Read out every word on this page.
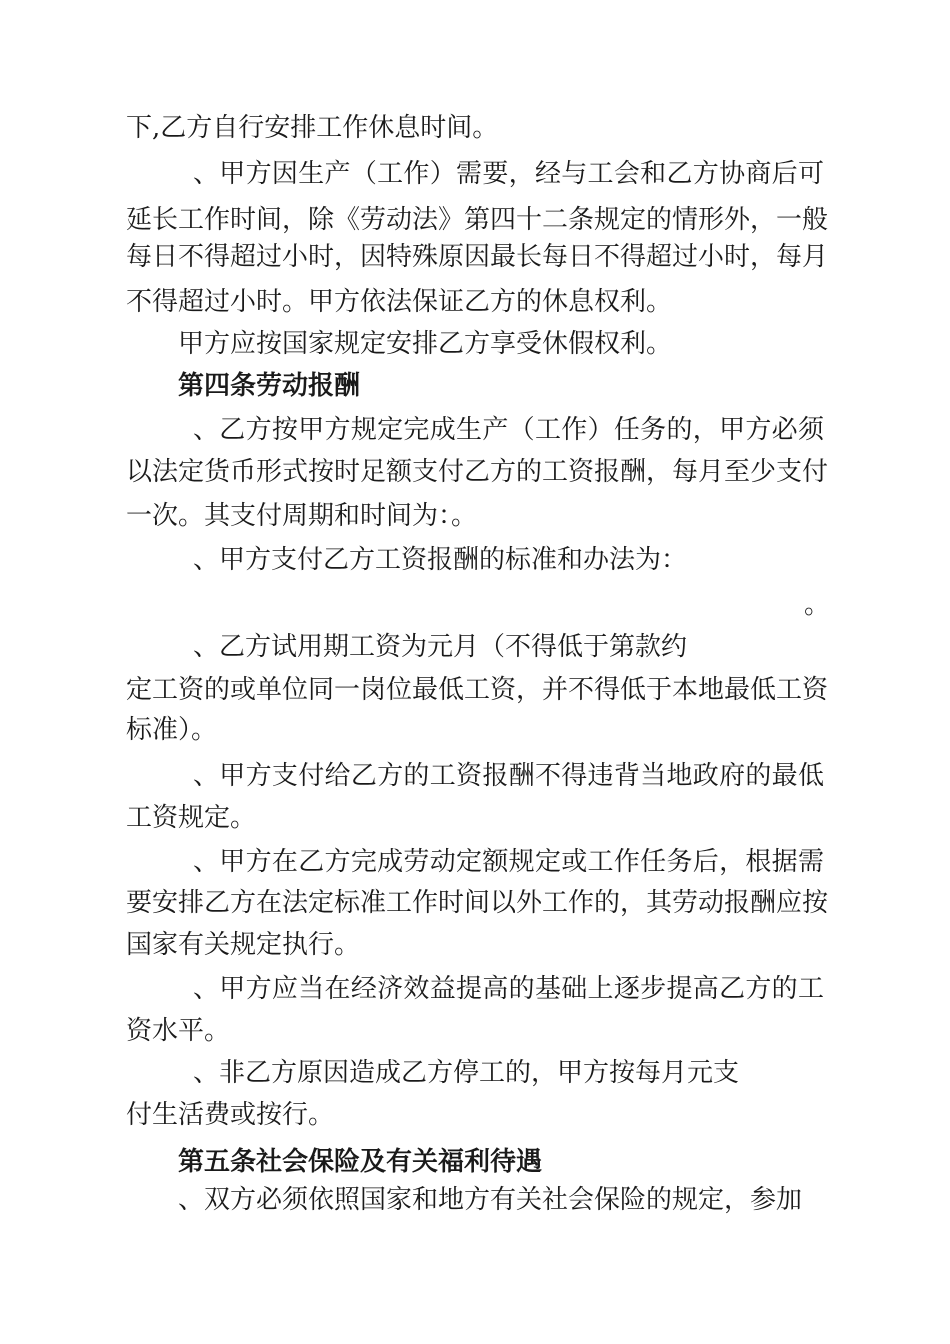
下,乙方自行安排工作休息时间。

、甲方因生产（工作）需要，经与工会和乙方协商后可

延长工作时间，除《劳动法》第四十二条规定的情形外，一般

每日不得超过小时，因特殊原因最长每日不得超过小时，每月

不得超过小时。甲方依法保证乙方的休息权利。

甲方应按国家规定安排乙方享受休假权利。

第四条劳动报酬

、乙方按甲方规定完成生产（工作）任务的，甲方必须

以法定货币形式按时足额支付乙方的工资报酬，每月至少支付

一次。其支付周期和时间为：。

、甲方支付乙方工资报酬的标准和办法为：

。

、乙方试用期工资为元月（不得低于第款约

定工资的或单位同一岗位最低工资，并不得低于本地最低工资

标准）。

、甲方支付给乙方的工资报酬不得违背当地政府的最低

工资规定。

、甲方在乙方完成劳动定额规定或工作任务后，根据需

要安排乙方在法定标准工作时间以外工作的，其劳动报酬应按

国家有关规定执行。

、甲方应当在经济效益提高的基础上逐步提高乙方的工

资水平。

、非乙方原因造成乙方停工的，甲方按每月元支

付生活费或按行。

第五条社会保险及有关福利待遇

、双方必须依照国家和地方有关社会保险的规定，参加
